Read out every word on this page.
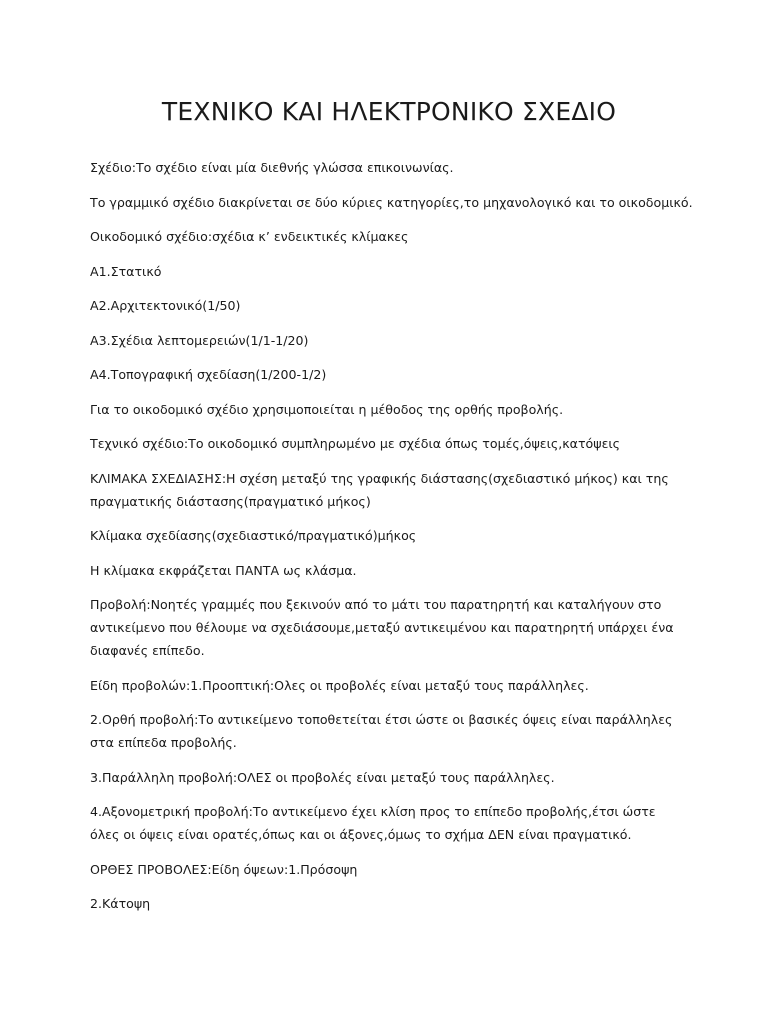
ΤΕΧΝΙΚΟ ΚΑΙ ΗΛΕΚΤΡΟΝΙΚΟ ΣΧΕΔΙΟ

Σχέδιο:Το σχέδιο είναι μία διεθνής γλώσσα επικοινωνίας.

Το γραμμικό σχέδιο διακρίνεται σε δύο κύριες κατηγορίες,το μηχανολογικό και το οικοδομικό.

Οικοδομικό σχέδιο:σχέδια κ’ ενδεικτικές κλίμακες

Α1.Στατικό

Α2.Αρχιτεκτονικό(1/50)

Α3.Σχέδια λεπτομερειών(1/1-1/20)

Α4.Τοπογραφική σχεδίαση(1/200-1/2)

Για το οικοδομικό σχέδιο χρησιμοποιείται η μέθοδος της ορθής προβολής.

Τεχνικό σχέδιο:Το οικοδομικό συμπληρωμένο με σχέδια όπως τομές,όψεις,κατόψεις

ΚΛΙΜΑΚΑ ΣΧΕΔΙΑΣΗΣ:Η σχέση μεταξύ της γραφικής διάστασης(σχεδιαστικό μήκος) και της πραγματικής διάστασης(πραγματικό μήκος)

Κλίμακα σχεδίασης(σχεδιαστικό/πραγματικό)μήκος

Η κλίμακα εκφράζεται ΠΑΝΤΑ ως κλάσμα.

Προβολή:Νοητές γραμμές που ξεκινούν από το μάτι του παρατηρητή και καταλήγουν στο αντικείμενο που θέλουμε να σχεδιάσουμε,μεταξύ αντικειμένου και παρατηρητή υπάρχει ένα διαφανές επίπεδο.

Είδη προβολών:1.Προοπτική:Ολες οι προβολές είναι μεταξύ τους παράλληλες.

2.Ορθή προβολή:Το αντικείμενο τοποθετείται έτσι ώστε οι βασικές όψεις είναι παράλληλες στα επίπεδα προβολής.

3.Παράλληλη προβολή:ΟΛΕΣ οι προβολές είναι μεταξύ τους παράλληλες.

4.Αξονομετρική προβολή:Το αντικείμενο έχει κλίση προς το επίπεδο προβολής,έτσι ώστε όλες οι όψεις είναι ορατές,όπως και οι άξονες,όμως το σχήμα ΔΕΝ είναι πραγματικό.

ΟΡΘΕΣ ΠΡΟΒΟΛΕΣ:Είδη όψεων:1.Πρόσοψη

2.Κάτοψη
